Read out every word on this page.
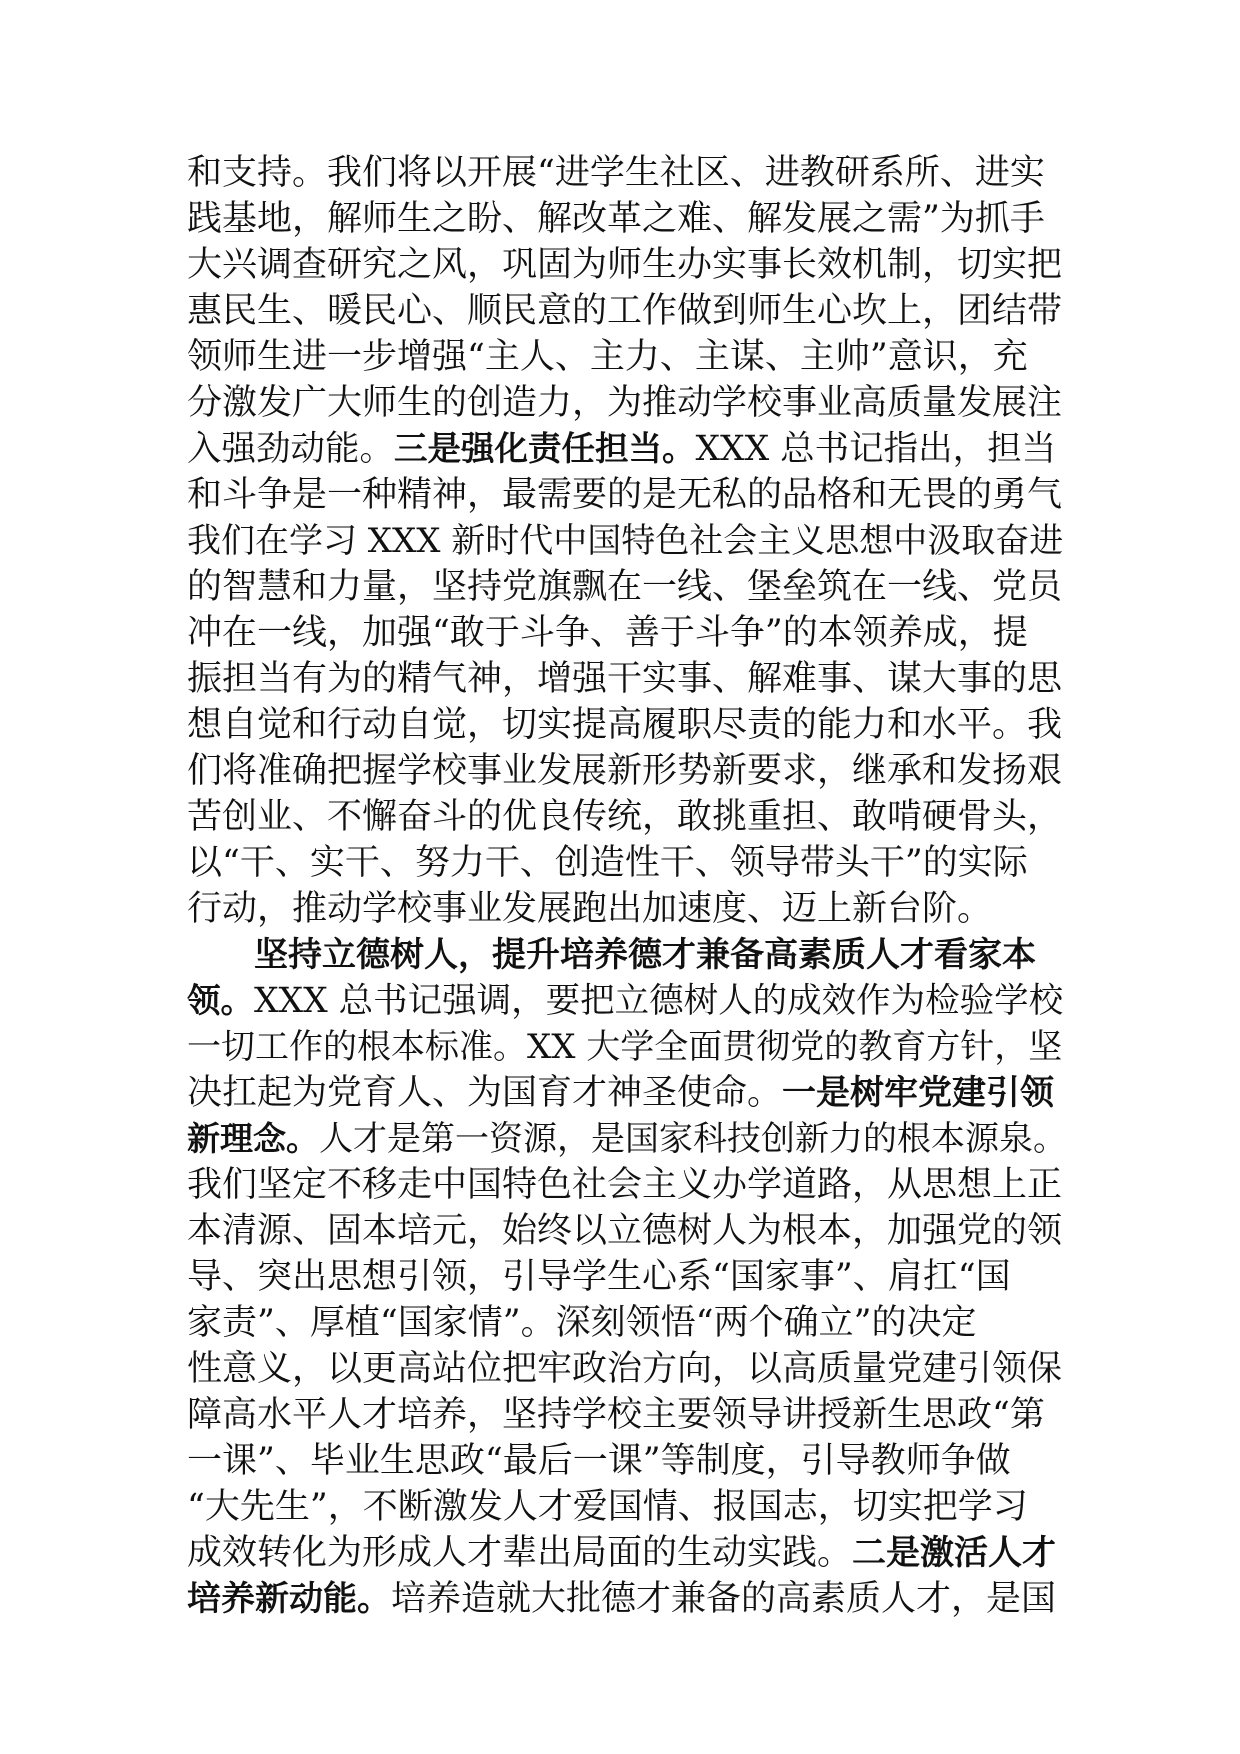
和支持。我们将以开展“进学生社区、进教研系所、进实
践基地，解师生之盼、解改革之难、解发展之需”为抓手
大兴调查研究之风，巩固为师生办实事长效机制，切实把
惠民生、暖民心、顺民意的工作做到师生心坎上，团结带
领师生进一步增强“主人、主力、主谋、主帅”意识，充
分激发广大师生的创造力，为推动学校事业高质量发展注
入强劲动能。三是强化责任担当。XXX 总书记指出，担当
和斗争是一种精神，最需要的是无私的品格和无畏的勇气
我们在学习 XXX 新时代中国特色社会主义思想中汲取奋进
的智慧和力量，坚持党旗飘在一线、堡垒筑在一线、党员
冲在一线，加强“敢于斗争、善于斗争”的本领养成，提
振担当有为的精气神，增强干实事、解难事、谋大事的思
想自觉和行动自觉，切实提高履职尽责的能力和水平。我
们将准确把握学校事业发展新形势新要求，继承和发扬艰
苦创业、不懈奋斗的优良传统，敢挑重担、敢啃硬骨头，
以“干、实干、努力干、创造性干、领导带头干”的实际
行动，推动学校事业发展跑出加速度、迈上新台阶。
坚持立德树人，提升培养德才兼备高素质人才看家本
领。XXX 总书记强调，要把立德树人的成效作为检验学校
一切工作的根本标准。XX 大学全面贯彻党的教育方针，坚
决扛起为党育人、为国育才神圣使命。一是树牢党建引领
新理念。人才是第一资源，是国家科技创新力的根本源泉。
我们坚定不移走中国特色社会主义办学道路，从思想上正
本清源、固本培元，始终以立德树人为根本，加强党的领
导、突出思想引领，引导学生心系“国家事”、肩扛“国
家责”、厚植“国家情”。深刻领悟“两个确立”的决定
性意义，以更高站位把牢政治方向，以高质量党建引领保
障高水平人才培养，坚持学校主要领导讲授新生思政“第
一课”、毕业生思政“最后一课”等制度，引导教师争做
“大先生”，不断激发人才爱国情、报国志，切实把学习
成效转化为形成人才辈出局面的生动实践。二是激活人才
培养新动能。培养造就大批德才兼备的高素质人才，是国
